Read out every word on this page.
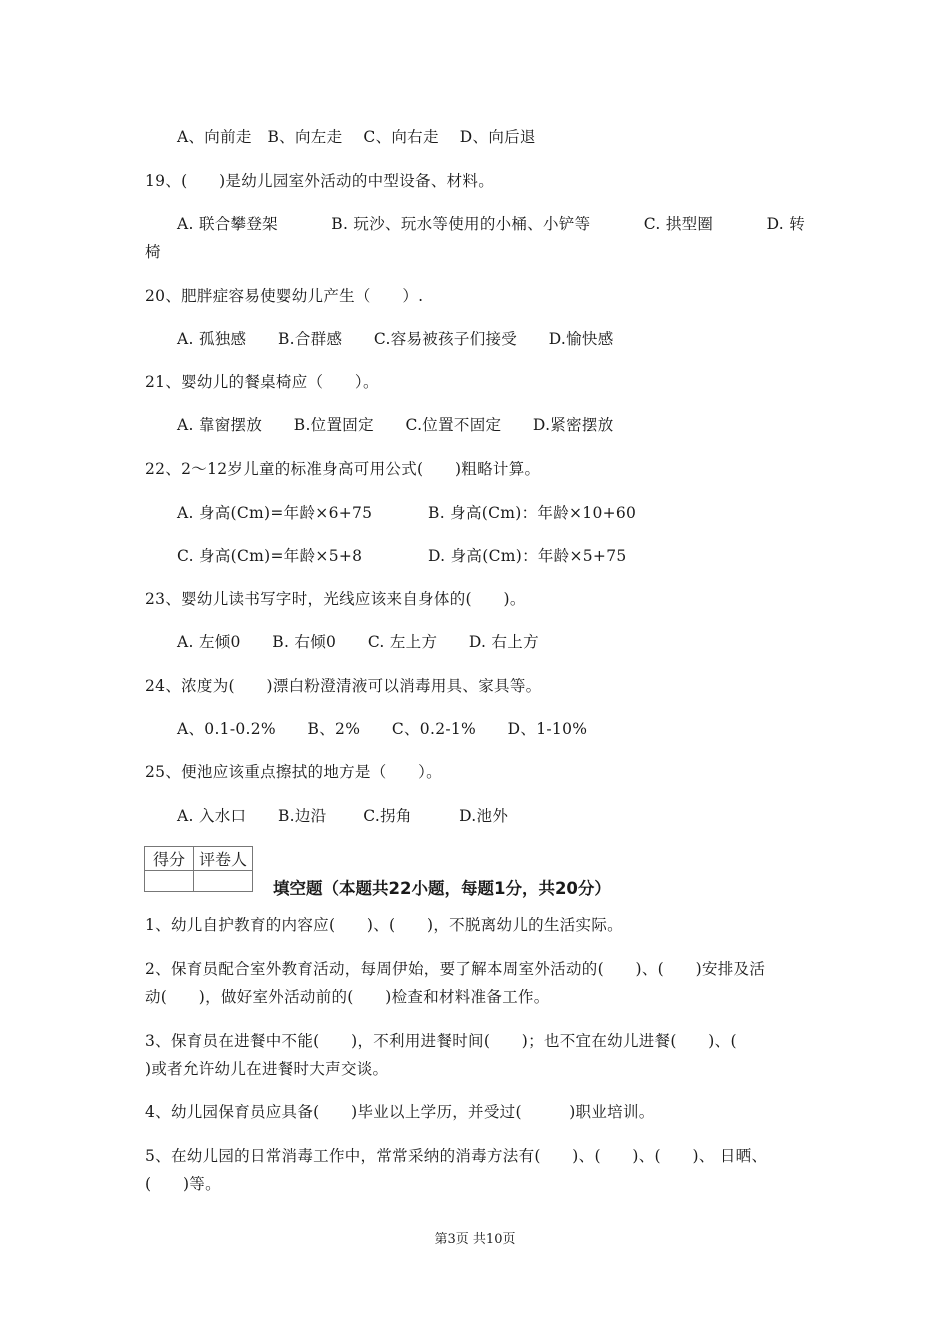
A、向前走　B、向左走　 C、向右走　 D、向后退
19、(　　)是幼儿园室外活动的中型设备、材料。
A. 联合攀登架	B. 玩沙、玩水等使用的小桶、小铲等	C. 拱型圈	D. 转
椅
20、肥胖症容易使婴幼儿产生（　　）.
A. 孤独感　　B.合群感　　C.容易被孩子们接受　　D.愉快感
21、婴幼儿的餐桌椅应（　　）。
A. 靠窗摆放　　B.位置固定　　C.位置不固定　　D.紧密摆放
22、2～12岁儿童的标准身高可用公式(　　)粗略计算。
A. 身高(Cm)=年龄×6+75	B. 身高(Cm)：年龄×10+60
C. 身高(Cm)=年龄×5+8	D. 身高(Cm)：年龄×5+75
23、婴幼儿读书写字时，光线应该来自身体的(　　)。
A. 左倾0　　B. 右倾0　　C. 左上方　　D. 右上方
24、浓度为(　　)漂白粉澄清液可以消毒用具、家具等。
A、0.1-0.2%　　B、2%　　C、0.2-1%　　D、1-10%
25、便池应该重点擦拭的地方是（　　）。
A. 入水口　　B.边沿　　 C.拐角　　　D.池外
得分	评卷人

填空题（本题共22小题，每题1分，共20分）
1、幼儿自护教育的内容应(　　)、(　　)，不脱离幼儿的生活实际。
2、保育员配合室外教育活动，每周伊始，要了解本周室外活动的(　　)、(　　)安排及活
动(　　)，做好室外活动前的(　　)检查和材料准备工作。
3、保育员在进餐中不能(　　)，不利用进餐时间(　　)；也不宜在幼儿进餐(　　)、(
)或者允许幼儿在进餐时大声交谈。
4、幼儿园保育员应具备(　　)毕业以上学历，并受过(　　　)职业培训。
5、在幼儿园的日常消毒工作中，常常采纳的消毒方法有(　　)、(　　)、(　　)、 日晒、
(　　)等。
第3页 共10页
